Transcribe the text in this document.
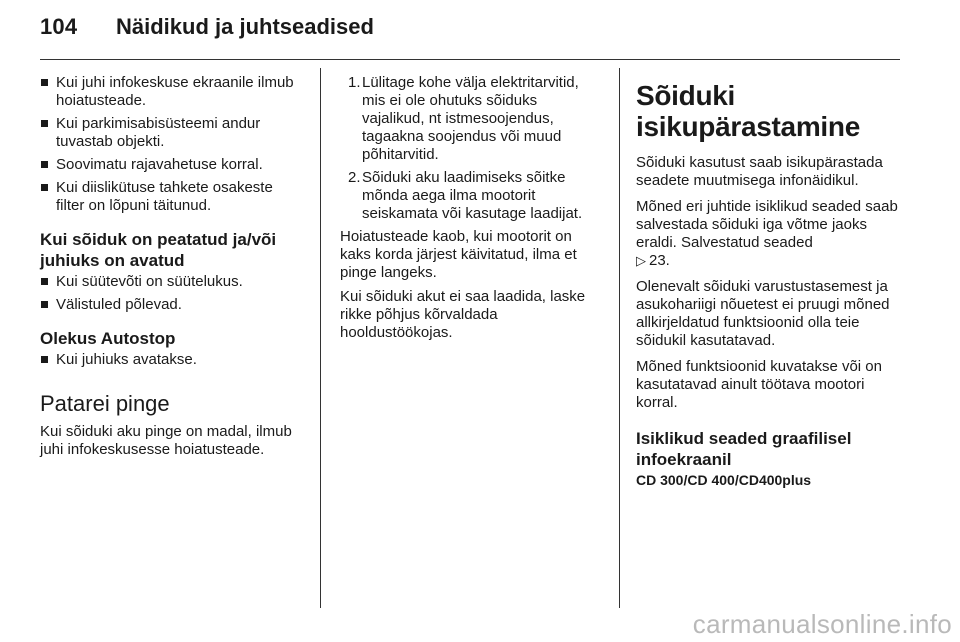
104 Näidikud ja juhtseadised
Kui juhi infokeskuse ekraanile ilmub hoiatusteade.
Kui parkimisabisüsteemi andur tuvastab objekti.
Soovimatu rajavahetuse korral.
Kui diislikütuse tahkete osakeste filter on lõpuni täitunud.
Kui sõiduk on peatatud ja/või juhiuks on avatud
Kui süütevõti on süütelukus.
Välistuled põlevad.
Olekus Autostop
Kui juhiuks avatakse.
Patarei pinge

Kui sõiduki aku pinge on madal, ilmub juhi infokeskusesse hoiatusteade.

1. Lülitage kohe välja elektritarvitid, mis ei ole ohutuks sõiduks vajalikud, nt istmesoojendus, tagaakna soojendus või muud põhitarvitid.
2. Sõiduki aku laadimiseks sõitke mõnda aega ilma mootorit seiskamata või kasutage laadijat.

Hoiatusteade kaob, kui mootorit on kaks korda järjest käivitatud, ilma et pinge langeks.

Kui sõiduki akut ei saa laadida, laske rikke põhjus kõrvaldada hooldustöökojas.

Sõiduki isikupärastamine

Sõiduki kasutust saab isikupärastada seadete muutmisega infonäidikul.

Mõned eri juhtide isiklikud seaded saab salvestada sõiduki iga võtme jaoks eraldi. Salvestatud seaded
▷ 23.

Olenevalt sõiduki varustustasemest ja asukohariigi nõuetest ei pruugi mõned allkirjeldatud funktsioonid olla teie sõidukil kasutatavad.

Mõned funktsioonid kuvatakse või on kasutatavad ainult töötava mootori korral.

Isiklikud seaded graafilisel infoekraanil

CD 300/CD 400/CD400plus

carmanualsonline.info
